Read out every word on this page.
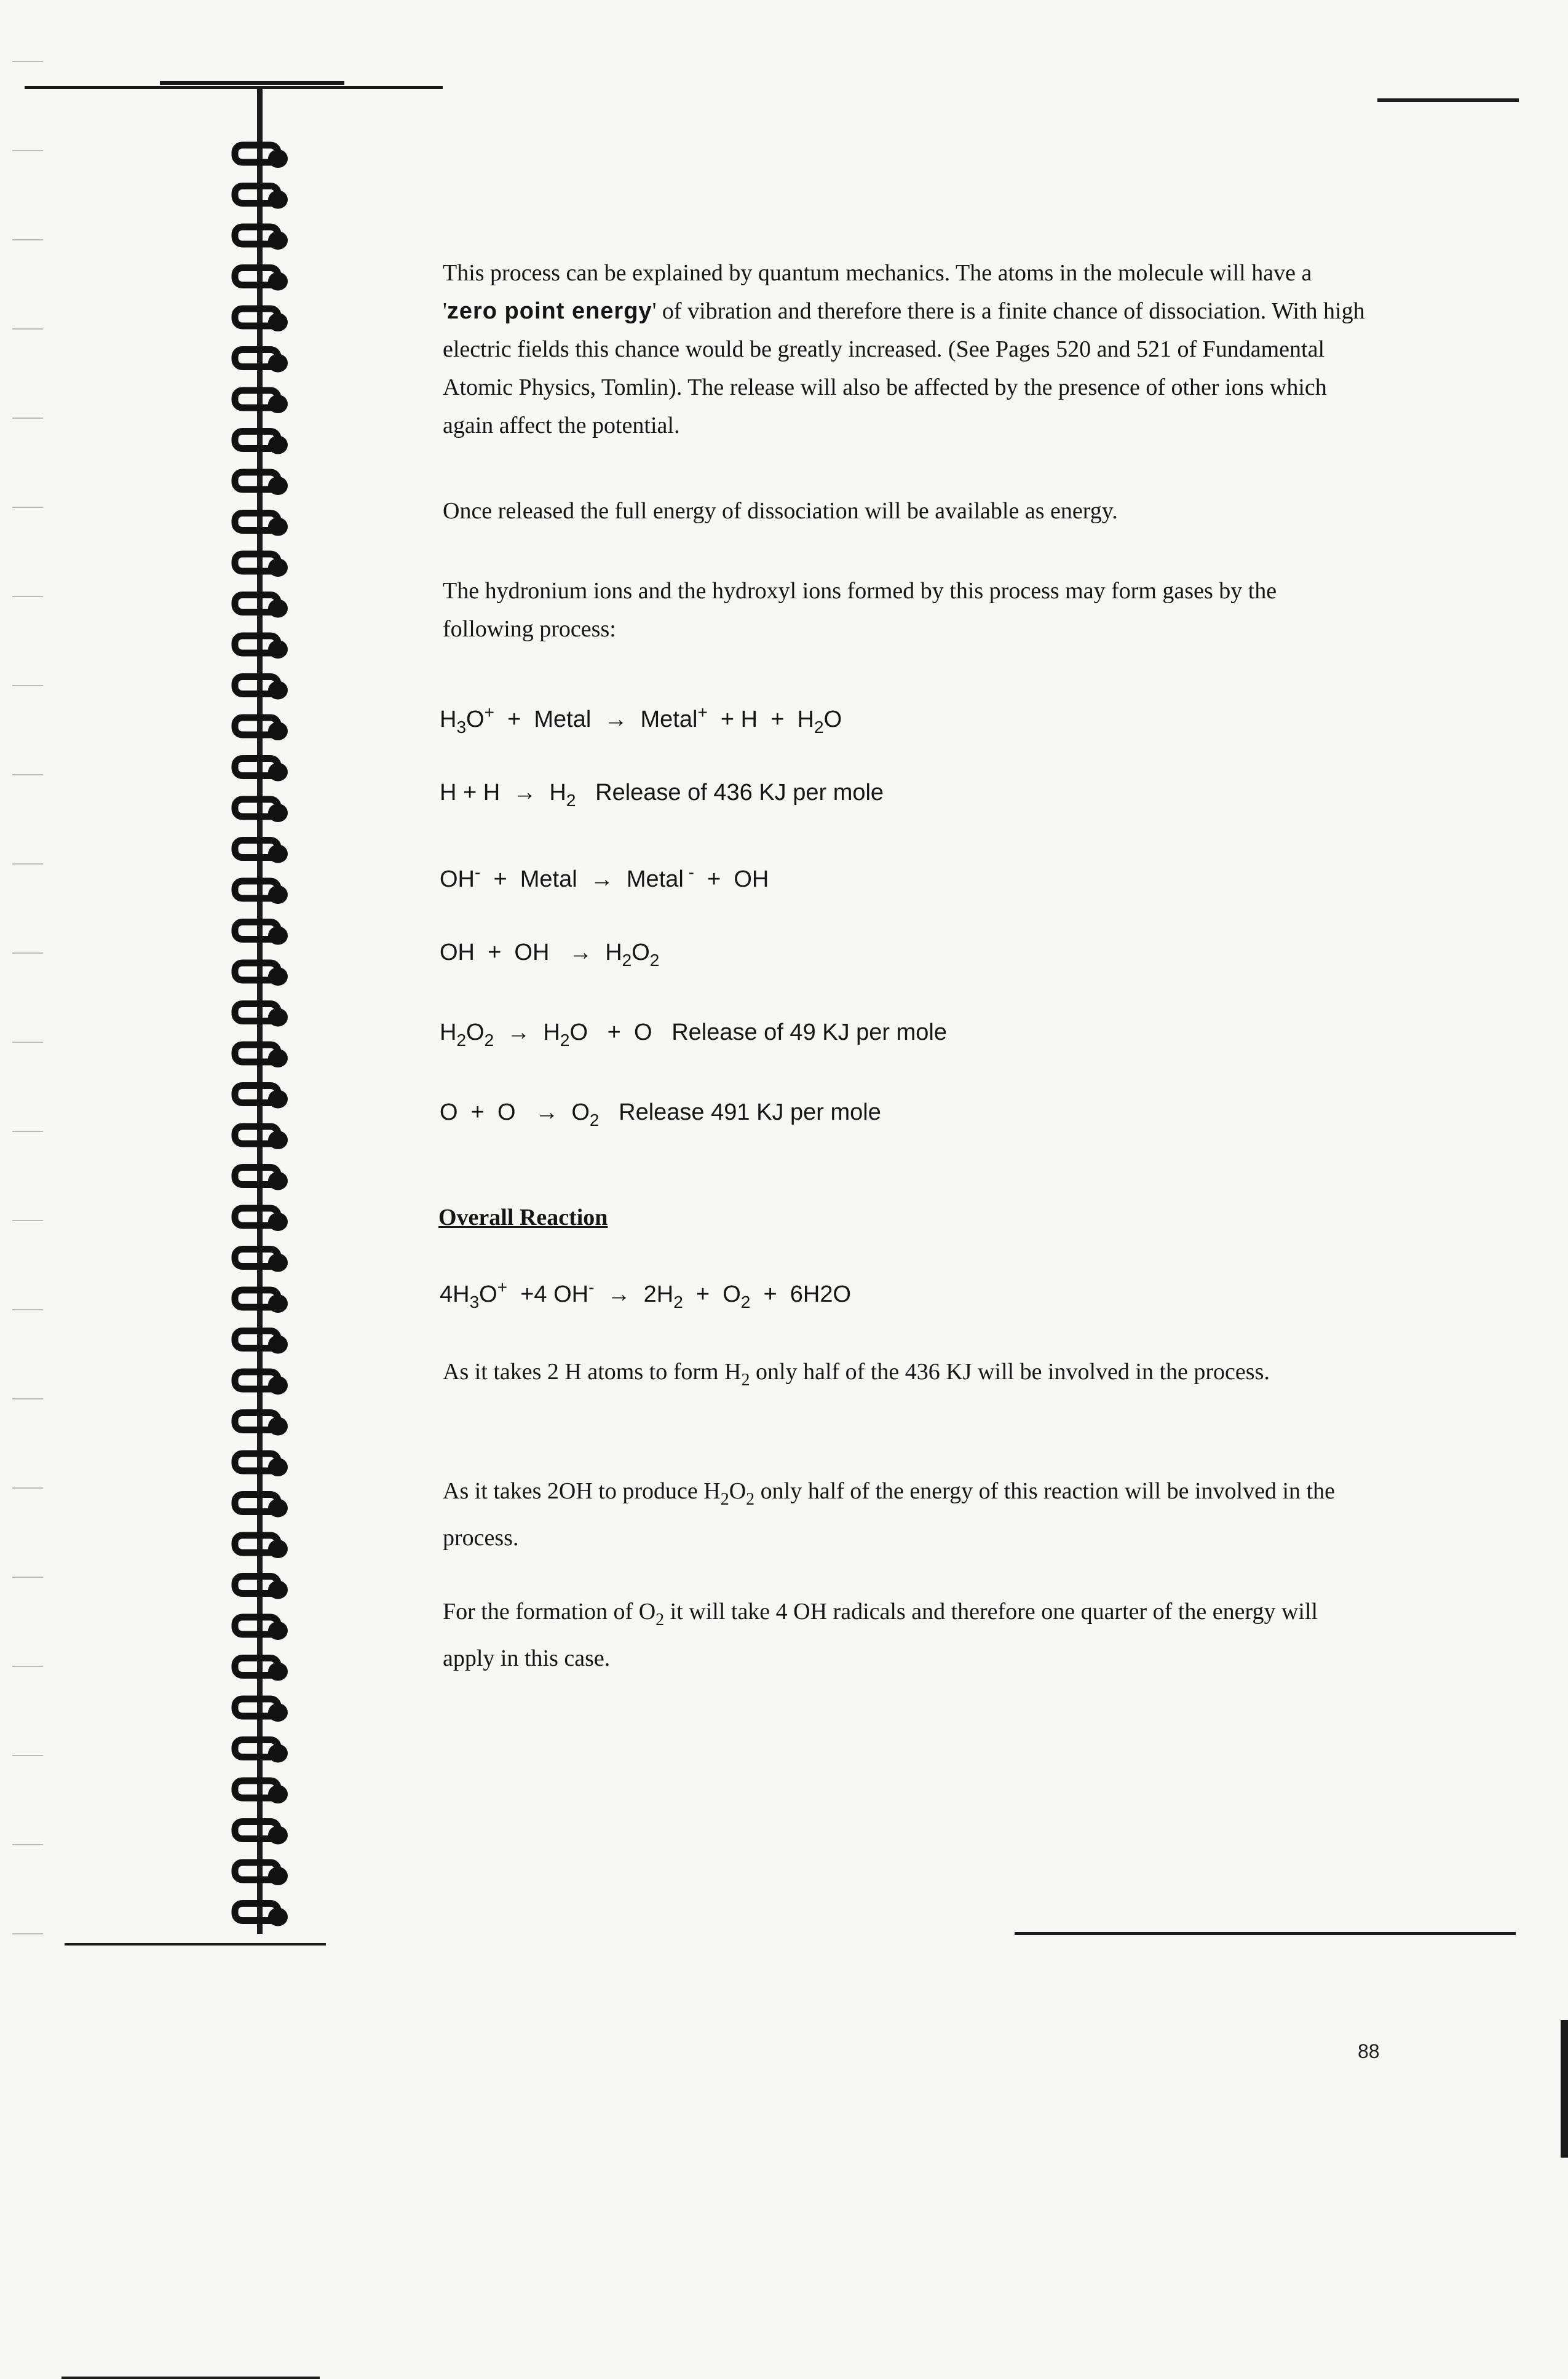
This process can be explained by quantum mechanics. The atoms in the molecule will have a 'zero point energy' of vibration and therefore there is a finite chance of dissociation. With high electric fields this chance would be greatly increased. (See Pages 520 and 521 of Fundamental Atomic Physics, Tomlin). The release will also be affected by the presence of other ions which again affect the potential.
Once released the full energy of dissociation will be available as energy.
The hydronium ions and the hydroxyl ions formed by this process may form gases by the following process:
$H_3O^+$  +  Metal  →  Metal+  + $H + H_2O$
$H + H \to H_2$   Release of 436 KJ per mole
OH-  +  Metal  →  Metal -  +  OH
OH  +  OH   →  $H_2O_2$
$H_2O_2 \to H_2O + O$   Release of 49 KJ per mole
$O + O \to O_2$   Release 491 KJ per mole
Overall Reaction
$4H_3O^+ +4$ $OH^- \to 2H_2 + O_2 + 6H2O$
As it takes 2 H atoms to form $H_2$ only half of the 436 KJ will be involved in the process.
As it takes 2OH to produce $H_2O_2$ only half of the energy of this reaction will be involved in the process.
For the formation of $O_2$ it will take 4 OH radicals and therefore one quarter of the energy will apply in this case.
88
